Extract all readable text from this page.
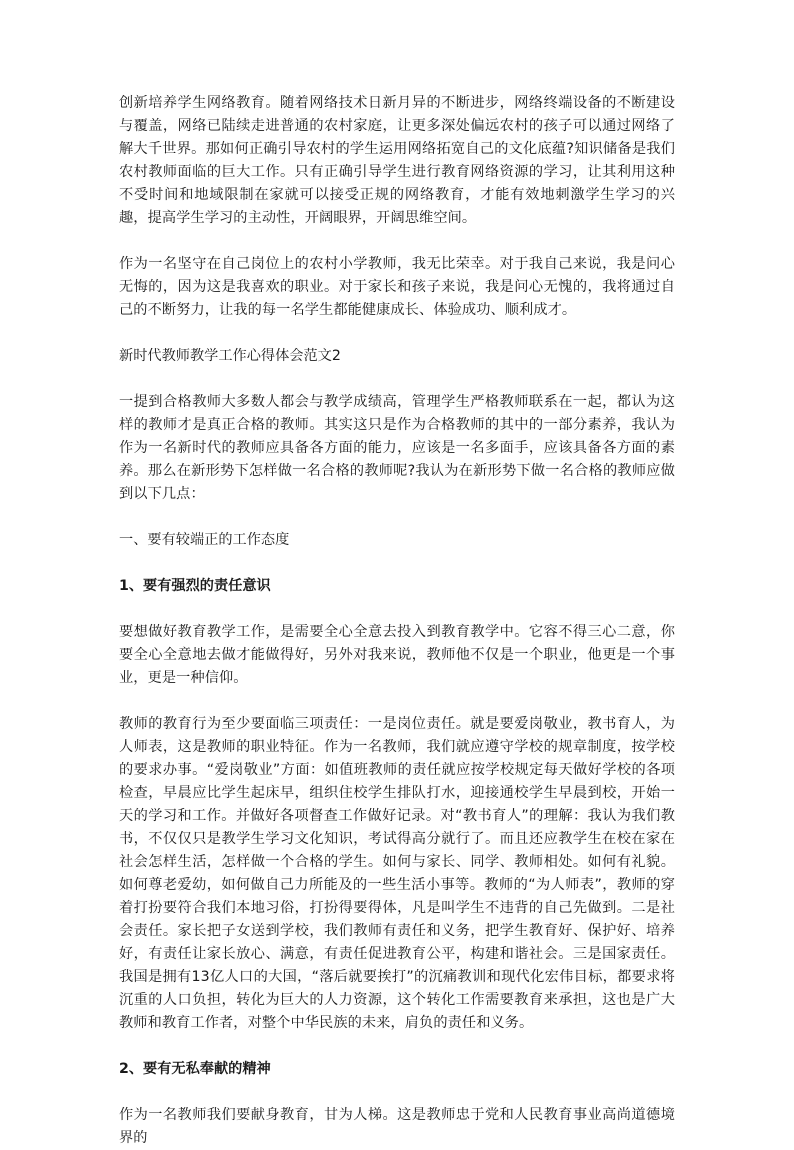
创新培养学生网络教育。随着网络技术日新月异的不断进步，网络终端设备的不断建设与覆盖，网络已陆续走进普通的农村家庭，让更多深处偏远农村的孩子可以通过网络了解大千世界。那如何正确引导农村的学生运用网络拓宽自己的文化底蕴?知识储备是我们农村教师面临的巨大工作。只有正确引导学生进行教育网络资源的学习，让其利用这种不受时间和地域限制在家就可以接受正规的网络教育，才能有效地刺激学生学习的兴趣，提高学生学习的主动性，开阔眼界，开阔思维空间。

作为一名坚守在自己岗位上的农村小学教师，我无比荣幸。对于我自己来说，我是问心无悔的，因为这是我喜欢的职业。对于家长和孩子来说，我是问心无愧的，我将通过自己的不断努力，让我的每一名学生都能健康成长、体验成功、顺利成才。

新时代教师教学工作心得体会范文2

一提到合格教师大多数人都会与教学成绩高，管理学生严格教师联系在一起，都认为这样的教师才是真正合格的教师。其实这只是作为合格教师的其中的一部分素养，我认为作为一名新时代的教师应具备各方面的能力，应该是一名多面手，应该具备各方面的素养。那么在新形势下怎样做一名合格的教师呢?我认为在新形势下做一名合格的教师应做到以下几点：

一、要有较端正的工作态度

1、要有强烈的责任意识

要想做好教育教学工作，是需要全心全意去投入到教育教学中。它容不得三心二意，你要全心全意地去做才能做得好，另外对我来说，教师他不仅是一个职业，他更是一个事业，更是一种信仰。

教师的教育行为至少要面临三项责任：一是岗位责任。就是要爱岗敬业，教书育人，为人师表，这是教师的职业特征。作为一名教师，我们就应遵守学校的规章制度，按学校的要求办事。“爱岗敬业”方面：如值班教师的责任就应按学校规定每天做好学校的各项检查，早晨应比学生起床早，组织住校学生排队打水，迎接通校学生早晨到校，开始一天的学习和工作。并做好各项督查工作做好记录。对“教书育人”的理解：我认为我们教书，不仅仅只是教学生学习文化知识，考试得高分就行了。而且还应教学生在校在家在社会怎样生活，怎样做一个合格的学生。如何与家长、同学、教师相处。如何有礼貌。如何尊老爱幼，如何做自己力所能及的一些生活小事等。教师的“为人师表”，教师的穿着打扮要符合我们本地习俗，打扮得要得体，凡是叫学生不违背的自己先做到。二是社会责任。家长把子女送到学校，我们教师有责任和义务，把学生教育好、保护好、培养好，有责任让家长放心、满意，有责任促进教育公平，构建和谐社会。三是国家责任。我国是拥有13亿人口的大国，“落后就要挨打”的沉痛教训和现代化宏伟目标，都要求将沉重的人口负担，转化为巨大的人力资源，这个转化工作需要教育来承担，这也是广大教师和教育工作者，对整个中华民族的未来，肩负的责任和义务。

2、要有无私奉献的精神

作为一名教师我们要献身教育，甘为人梯。这是教师忠于党和人民教育事业高尚道德境界的
